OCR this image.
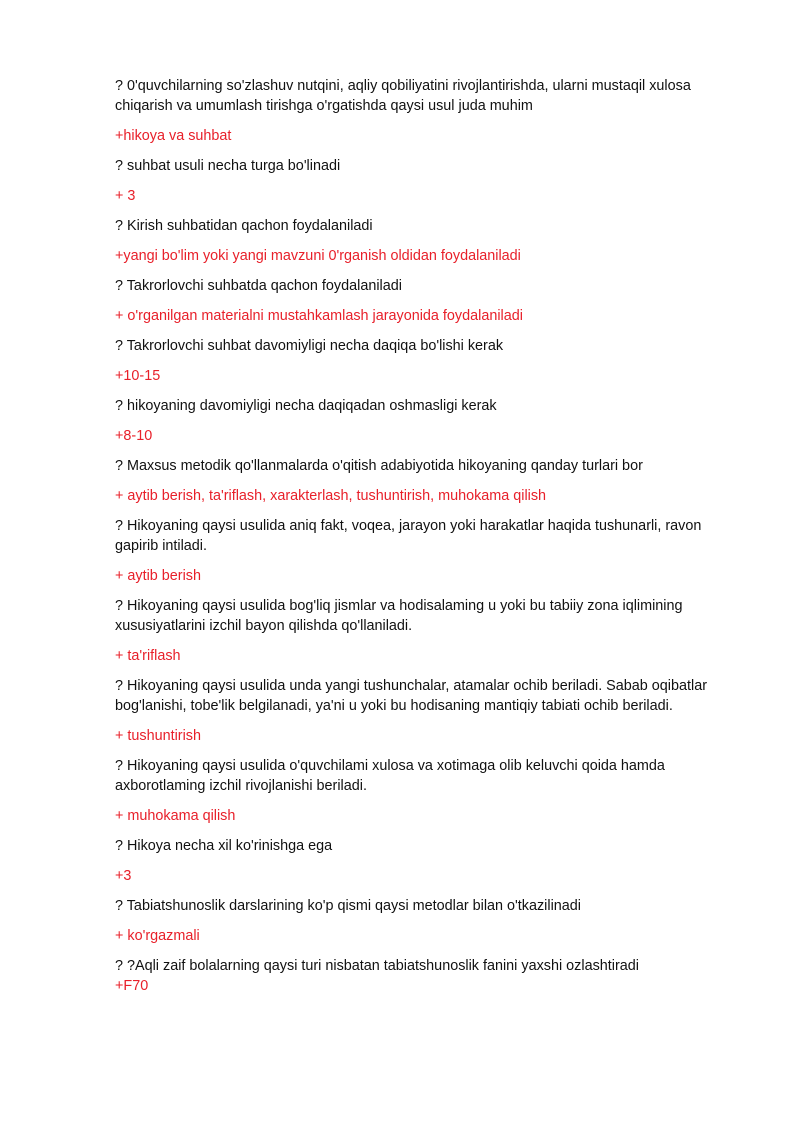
? 0'quvchilarning so'zlashuv nutqini, aqliy qobiliyatini rivojlantirishda, ularni mustaqil xulosa chiqarish va umumlash tirishga o'rgatishda qaysi usul juda muhim

+hikoya va suhbat

? suhbat usuli necha turga bo'linadi

+ 3

? Kirish suhbatidan qachon foydalaniladi

+yangi bo'lim yoki yangi mavzuni 0'rganish oldidan foydalaniladi

? Takrorlovchi suhbatda qachon foydalaniladi

+ o'rganilgan materialni mustahkamlash jarayonida foydalaniladi

? Takrorlovchi suhbat davomiyligi necha daqiqa bo'lishi kerak

+10-15

? hikoyaning davomiyligi necha daqiqadan oshmasligi kerak

+8-10

? Maxsus metodik qo'llanmalarda o'qitish adabiyotida hikoyaning qanday turlari bor

+ aytib berish, ta'riflash, xarakterlash, tushuntirish, muhokama qilish

? Hikoyaning qaysi usulida aniq fakt, voqea, jarayon yoki harakatlar haqida tushunarli, ravon gapirib intiladi.

+ aytib berish

? Hikoyaning qaysi usulida bog'liq jismlar va hodisalaming u yoki bu tabiiy zona iqlimining xususiyatlarini izchil bayon qilishda qo'llaniladi.

+ ta'riflash

? Hikoyaning qaysi usulida unda yangi tushunchalar, atamalar ochib beriladi. Sabab oqibatlar bog'lanishi, tobe'lik belgilanadi, ya'ni u yoki bu hodisaning mantiqiy tabiati ochib beriladi.

+ tushuntirish

? Hikoyaning qaysi usulida o'quvchilami xulosa va xotimaga olib keluvchi qoida hamda axborotlaming izchil rivojlanishi beriladi.

+ muhokama qilish

? Hikoya necha xil ko'rinishga ega

+3

? Tabiatshunoslik darslarining ko'p qismi qaysi metodlar bilan o'tkazilinadi

+ ko'rgazmali

? ?Aqli zaif bolalarning qaysi turi nisbatan tabiatshunoslik fanini yaxshi ozlashtiradi

+F70
